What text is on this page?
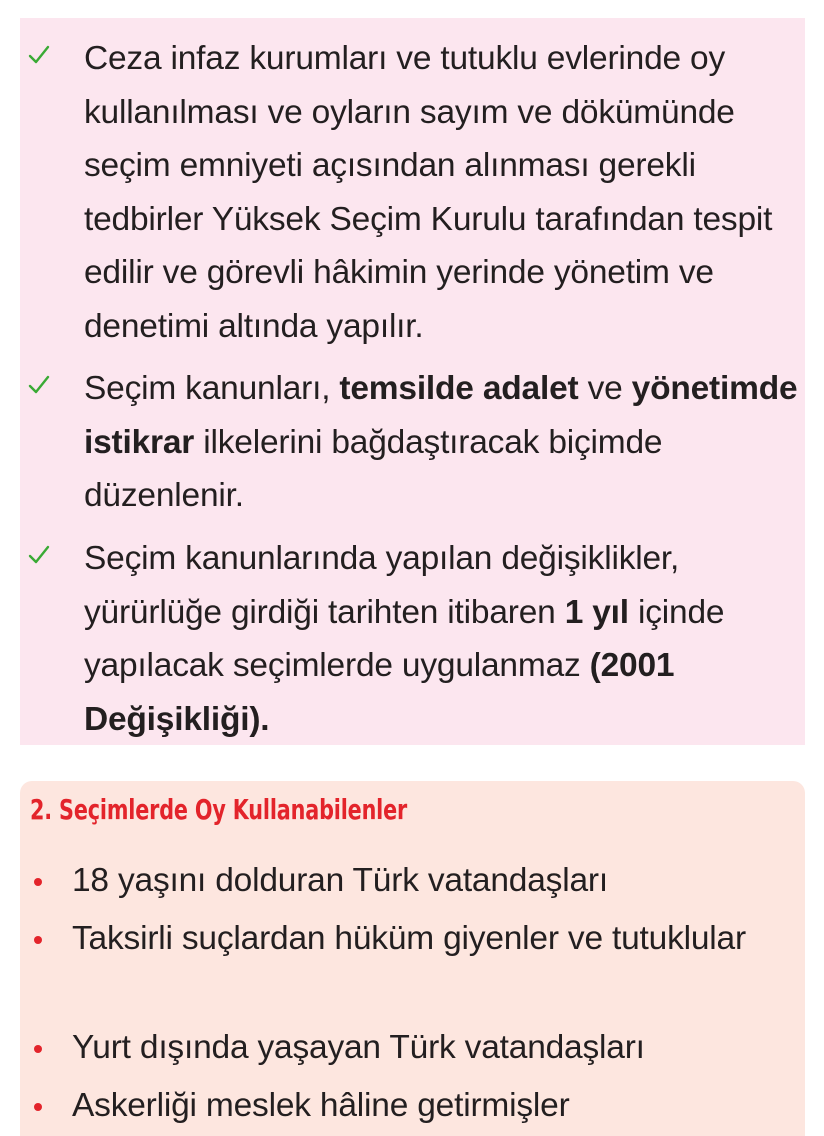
Ceza infaz kurumları ve tutuklu evlerinde oy kullanılması ve oyların sayım ve dökümünde seçim emniyeti açısından alınması gerekli tedbirler Yüksek Seçim Kurulu tarafından tespit edilir ve görevli hâkimin yerinde yönetim ve denetimi altında yapılır.
Seçim kanunları, temsilde adalet ve yönetimde istikrar ilkelerini bağdaştıracak biçimde düzenlenir.
Seçim kanunlarında yapılan değişiklikler, yürürlüğe girdiği tarihten itibaren 1 yıl içinde yapılacak seçimlerde uygulanmaz (2001 Değişikliği).
2. Seçimlerde Oy Kullanabilenler
18 yaşını dolduran Türk vatandaşları
Taksirli suçlardan hüküm giyenler ve tutuklular
Yurt dışında yaşayan Türk vatandaşları
Askerliği meslek hâline getirmişler
